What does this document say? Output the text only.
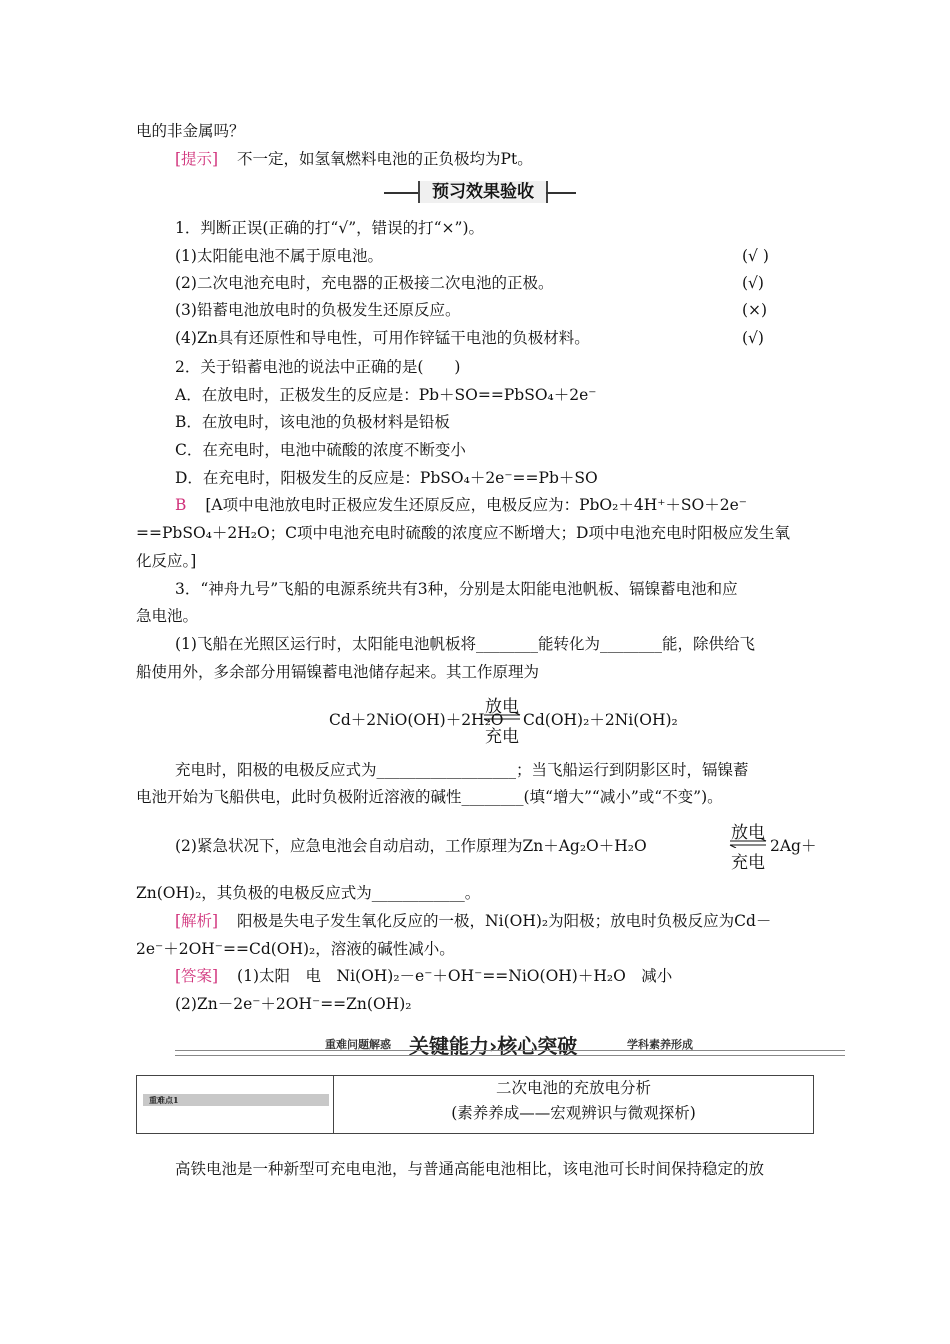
电的非金属吗？
[提示] 不一定，如氢氧燃料电池的正负极均为Pt。
预习效果验收
1．判断正误(正确的打“√”，错误的打“×”)。
(1)太阳能电池不属于原电池。	(√ )
(2)二次电池充电时，充电器的正极接二次电池的正极。	(√)
(3)铅蓄电池放电时的负极发生还原反应。	(×)
(4)Zn具有还原性和导电性，可用作锌锰干电池的负极材料。	(√)
2．关于铅蓄电池的说法中正确的是(　　)
A．在放电时，正极发生的反应是：Pb＋SO==PbSO₄＋2e⁻
B．在放电时，该电池的负极材料是铅板
C．在充电时，电池中硫酸的浓度不断变小
D．在充电时，阳极发生的反应是：PbSO₄＋2e⁻==Pb＋SO
B [A项中电池放电时正极应发生还原反应，电极反应为：PbO₂＋4H⁺＋SO＋2e⁻
==PbSO₄＋2H₂O；C项中电池充电时硫酸的浓度应不断增大；D项中电池充电时阳极应发生氧
化反应。]
3．“神舟九号”飞船的电源系统共有3种，分别是太阳能电池帆板、镉镍蓄电池和应
急电池。
(1)飞船在光照区运行时，太阳能电池帆板将________能转化为________能，除供给飞
船使用外，多余部分用镉镍蓄电池储存起来。其工作原理为
Cd＋2NiO(OH)＋2H₂O
放电
充电
Cd(OH)₂＋2Ni(OH)₂
充电时，阳极的电极反应式为__________________；当飞船运行到阴影区时，镉镍蓄
电池开始为飞船供电，此时负极附近溶液的碱性________(填“增大”“减小”或“不变”)。
(2)紧急状况下，应急电池会自动启动，工作原理为Zn＋Ag₂O＋H₂O
放电
充电
2Ag＋
Zn(OH)₂，其负极的电极反应式为____________。
[解析] 阳极是失电子发生氧化反应的一极，Ni(OH)₂为阳极；放电时负极反应为Cd－
2e⁻＋2OH⁻==Cd(OH)₂，溶液的碱性减小。
[答案] (1)太阳　电　Ni(OH)₂－e⁻＋OH⁻==NiO(OH)＋H₂O　减小
(2)Zn－2e⁻＋2OH⁻==Zn(OH)₂
重难问题解惑 关键能力›核心突破	学科素养形成

重难点1
二次电池的充放电分析
(素养养成——宏观辨识与微观探析)
高铁电池是一种新型可充电电池，与普通高能电池相比，该电池可长时间保持稳定的放
